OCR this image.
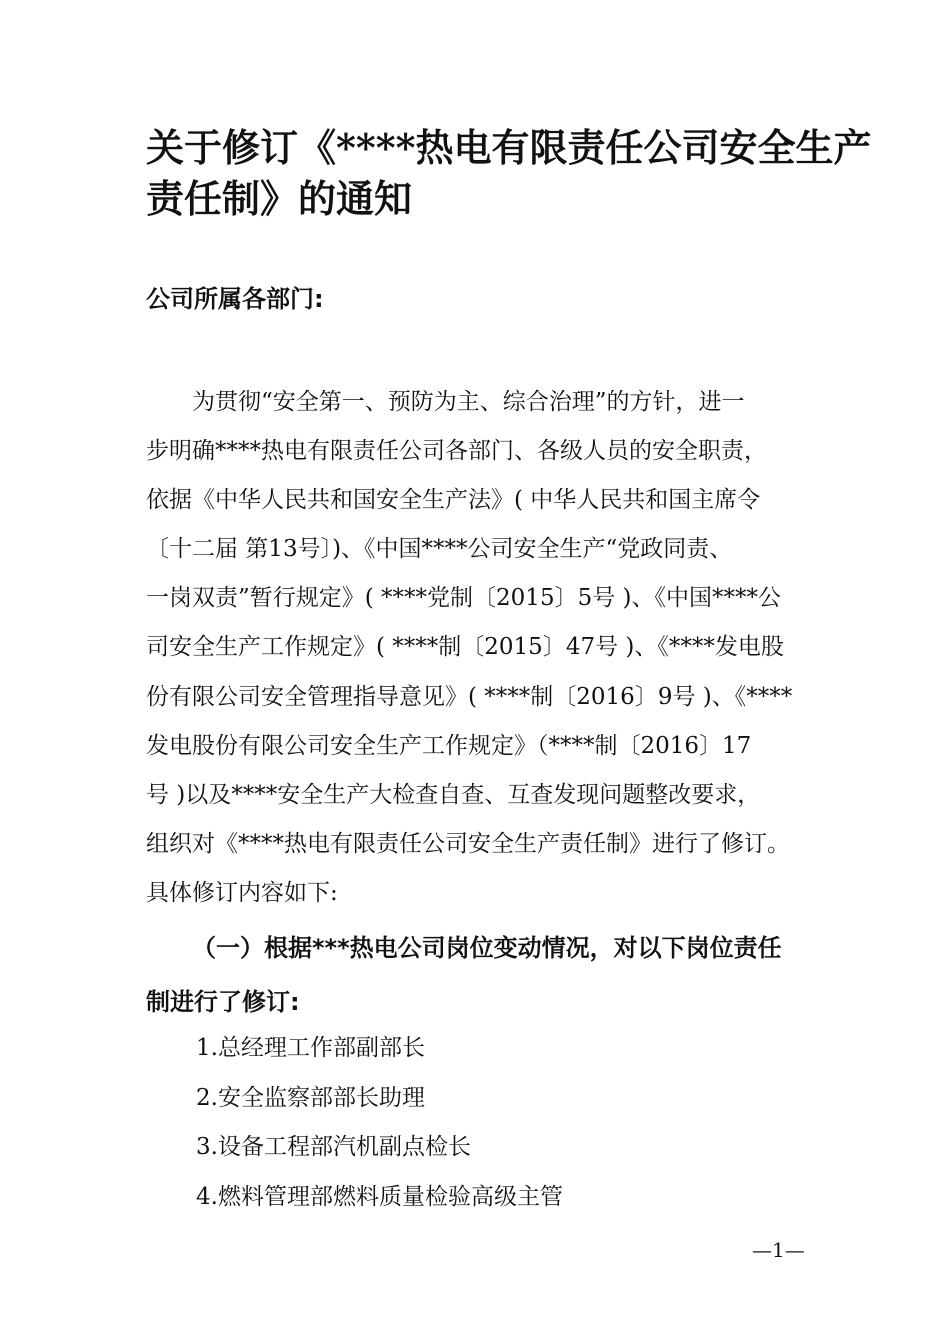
关于修订《****热电有限责任公司安全生产
责任制》的通知

公司所属各部门:

　　为贯彻“安全第一、预防为主、综合治理”的方针，进一
步明确****热电有限责任公司各部门、各级人员的安全职责，
依据《中华人民共和国安全生产法》( 中华人民共和国主席令
〔十二届 第13号〕)、《中国****公司安全生产“党政同责、
一岗双责”暂行规定》( ****党制〔2015〕5号 )、《中国****公
司安全生产工作规定》( ****制〔2015〕47号 )、《****发电股
份有限公司安全管理指导意见》( ****制〔2016〕9号 )、《****
发电股份有限公司安全生产工作规定》（****制〔2016〕17
号 )以及****安全生产大检查自查、互查发现问题整改要求，
组织对《****热电有限责任公司安全生产责任制》进行了修订。
具体修订内容如下:
（一）根据***热电公司岗位变动情况，对以下岗位责任
制进行了修订:
1.总经理工作部副部长
2.安全监察部部长助理
3.设备工程部汽机副点检长
4.燃料管理部燃料质量检验高级主管
—1—
